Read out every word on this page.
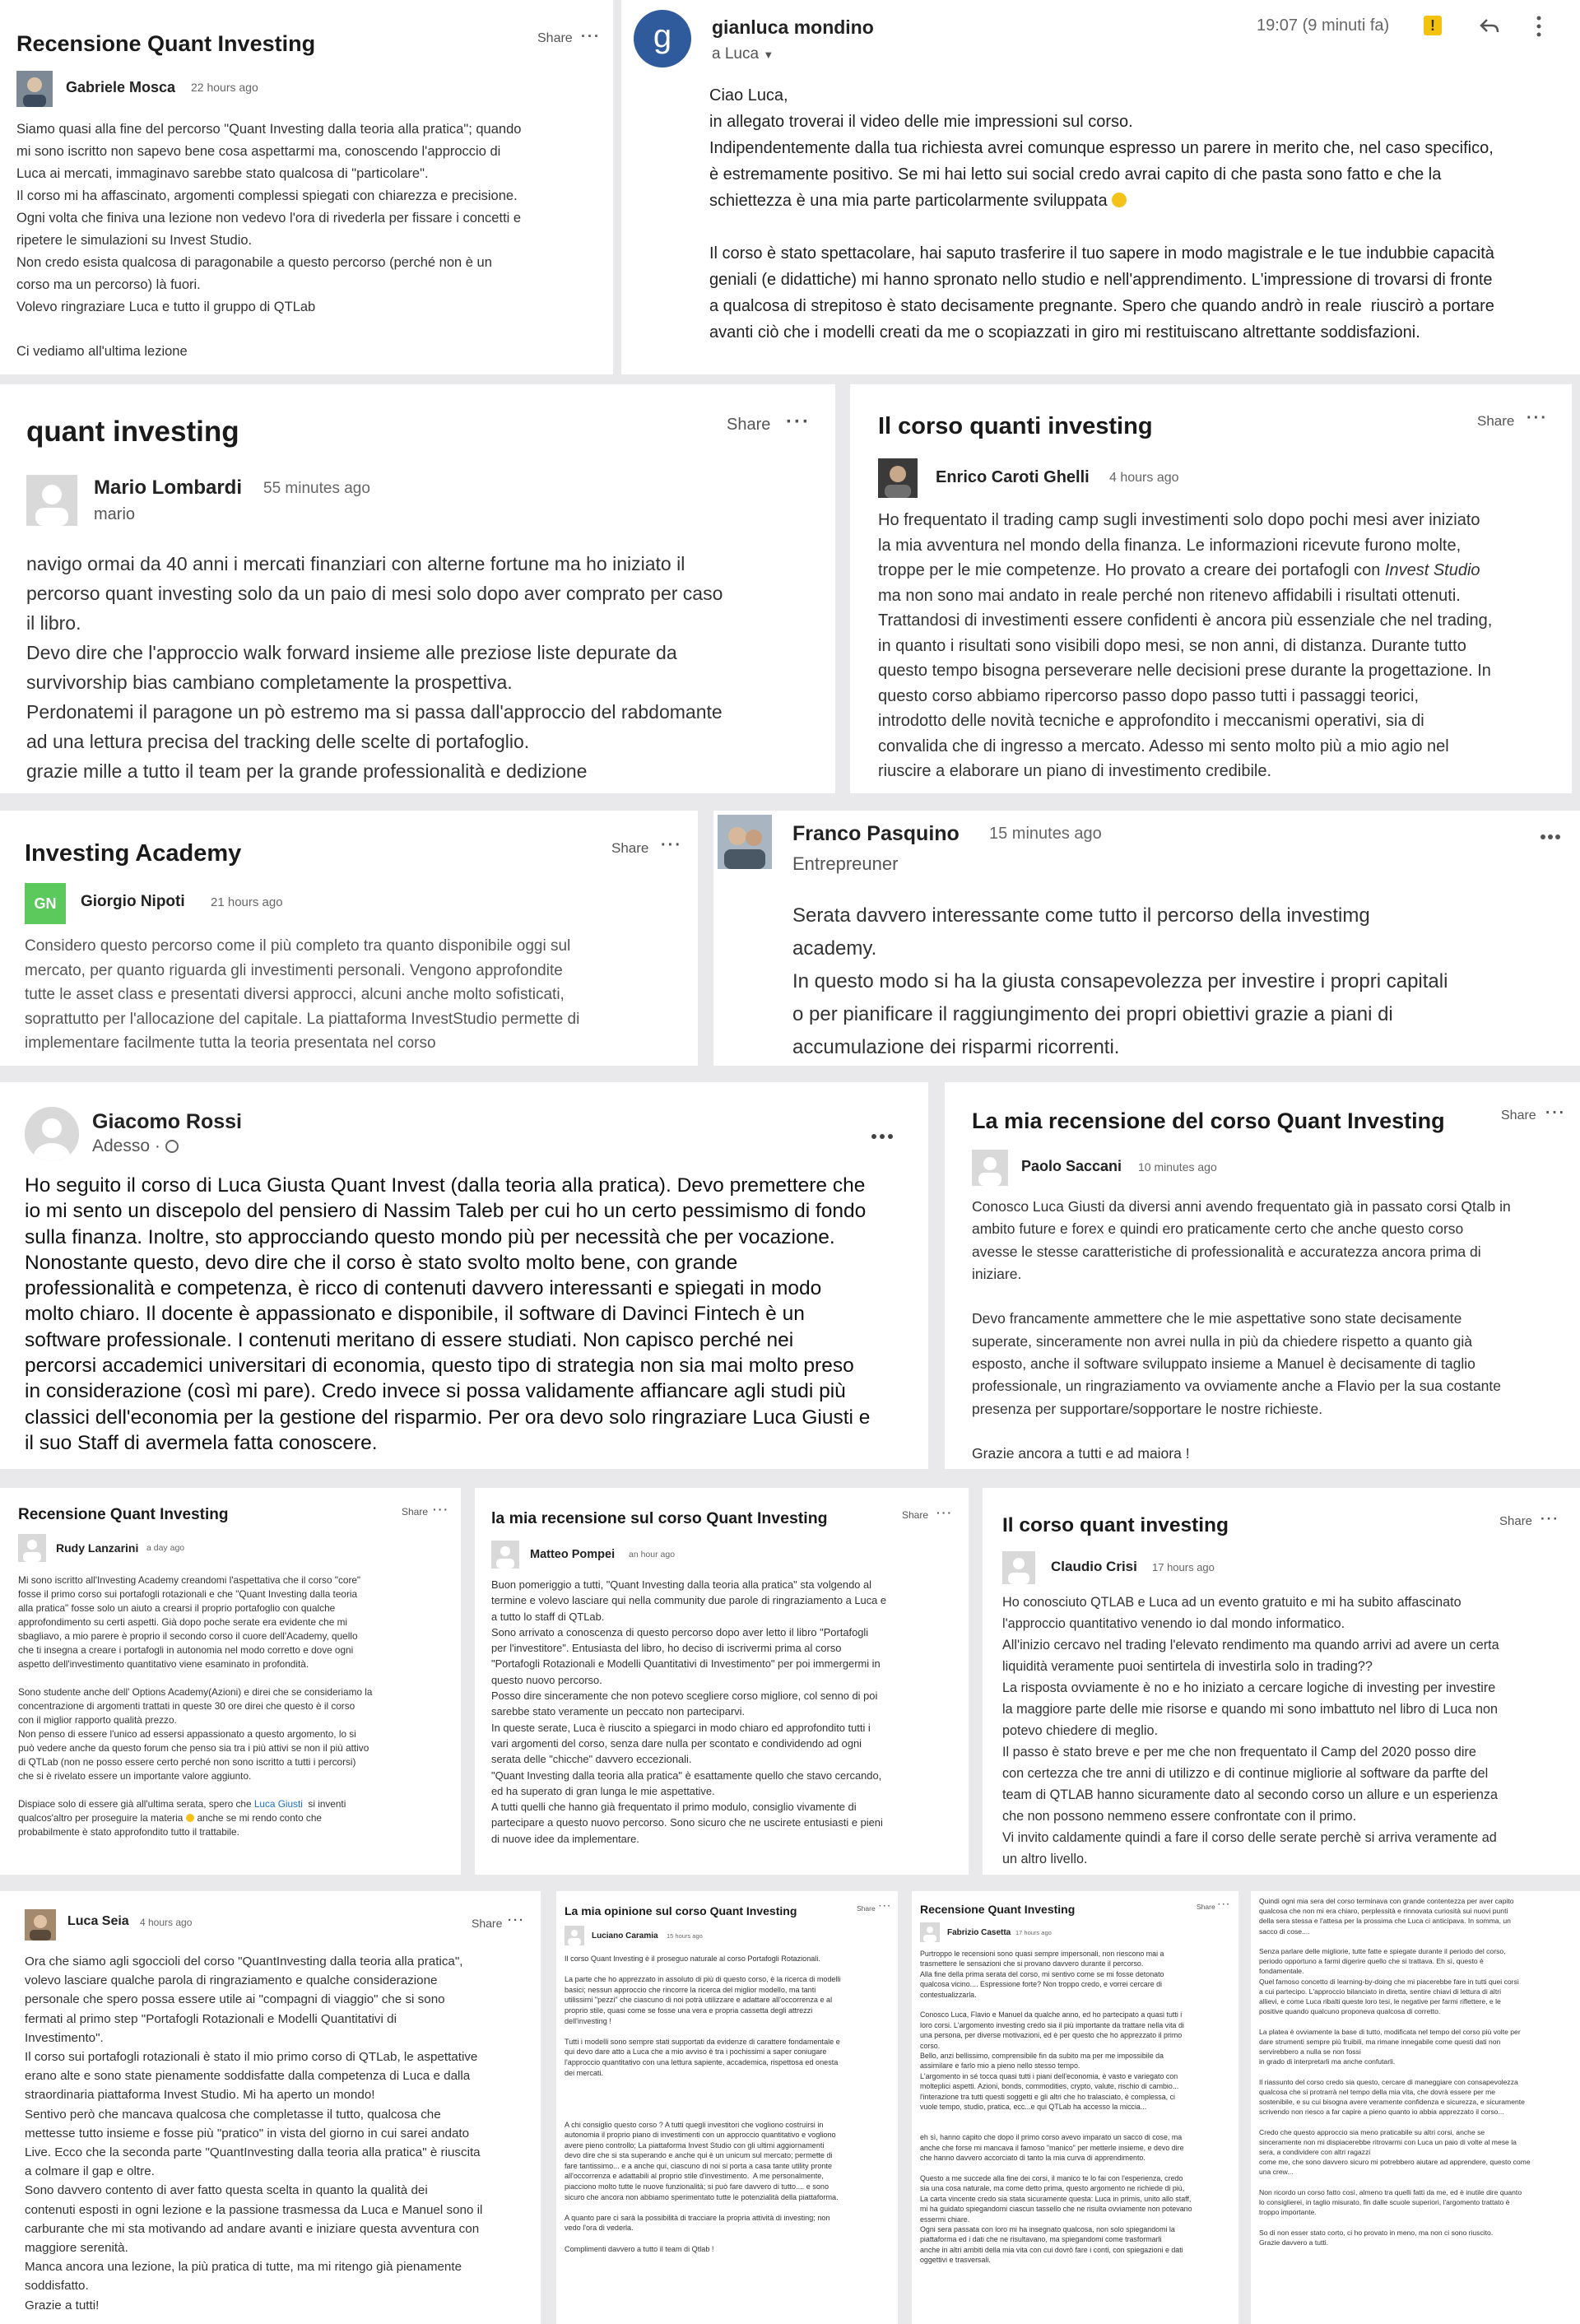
Recensione Quant Investing	Share ···
Gabriele Mosca 22 hours ago
Siamo quasi alla fine del percorso "Quant Investing dalla teoria alla pratica"; quando
mi sono iscritto non sapevo bene cosa aspettarmi ma, conoscendo l'approccio di
Luca ai mercati, immaginavo sarebbe stato qualcosa di "particolare".
Il corso mi ha affascinato, argomenti complessi spiegati con chiarezza e precisione.
Ogni volta che finiva una lezione non vedevo l'ora di rivederla per fissare i concetti e
ripetere le simulazioni su Invest Studio.
Non credo esista qualcosa di paragonabile a questo percorso (perché non è un
corso ma un percorso) là fuori.
Volevo ringraziare Luca e tutto il gruppo di QTLab

Ci vediamo all'ultima lezione
g	gianluca mondino
a Luca ▼
19:07 (9 minuti fa)	!
Ciao Luca,
in allegato troverai il video delle mie impressioni sul corso.
Indipendentemente dalla tua richiesta avrei comunque espresso un parere in merito che, nel caso specifico,
è estremamente positivo. Se mi hai letto sui social credo avrai capito di che pasta sono fatto e che la
schiettezza è una mia parte particolarmente sviluppata

Il corso è stato spettacolare, hai saputo trasferire il tuo sapere in modo magistrale e le tue indubbie capacità
geniali (e didattiche) mi hanno spronato nello studio e nell'apprendimento. L'impressione di trovarsi di fronte
a qualcosa di strepitoso è stato decisamente pregnante. Spero che quando andrò in reale  riuscirò a portare
avanti ciò che i modelli creati da me o scopiazzati in giro mi restituiscano altrettante soddisfazioni.
quant investing	Share ···
Mario Lombardi 55 minutes ago
mario
navigo ormai da 40 anni i mercati finanziari con alterne fortune ma ho iniziato il
percorso quant investing solo da un paio di mesi solo dopo aver comprato per caso
il libro.
Devo dire che l'approccio walk forward insieme alle preziose liste depurate da
survivorship bias cambiano completamente la prospettiva.
Perdonatemi il paragone un pò estremo ma si passa dall'approccio del rabdomante
ad una lettura precisa del tracking delle scelte di portafoglio.
grazie mille a tutto il team per la grande professionalità e dedizione
Il corso quanti investing	Share ···
Enrico Caroti Ghelli 4 hours ago
Ho frequentato il trading camp sugli investimenti solo dopo pochi mesi aver iniziato
la mia avventura nel mondo della finanza. Le informazioni ricevute furono molte,
troppe per le mie competenze. Ho provato a creare dei portafogli con Invest Studio
ma non sono mai andato in reale perché non ritenevo affidabili i risultati ottenuti.
Trattandosi di investimenti essere confidenti è ancora più essenziale che nel trading,
in quanto i risultati sono visibili dopo mesi, se non anni, di distanza. Durante tutto
questo tempo bisogna perseverare nelle decisioni prese durante la progettazione. In
questo corso abbiamo ripercorso passo dopo passo tutti i passaggi teorici,
introdotto delle novità tecniche e approfondito i meccanismi operativi, sia di
convalida che di ingresso a mercato. Adesso mi sento molto più a mio agio nel
riuscire a elaborare un piano di investimento credibile.
Investing Academy	Share ···
GN	Giorgio Nipoti 21 hours ago
Considero questo percorso come il più completo tra quanto disponibile oggi sul
mercato, per quanto riguarda gli investimenti personali. Vengono approfondite
tutte le asset class e presentati diversi approcci, alcuni anche molto sofisticati,
soprattutto per l'allocazione del capitale. La piattaforma InvestStudio permette di
implementare facilmente tutta la teoria presentata nel corso
Franco Pasquino 15 minutes ago
Entrepreuner
Serata davvero interessante come tutto il percorso della investimg
academy.
In questo modo si ha la giusta consapevolezza per investire i propri capitali
o per pianificare il raggiungimento dei propri obiettivi grazie a piani di
accumulazione dei risparmi ricorrenti.
Giacomo Rossi
Adesso ·
Ho seguito il corso di Luca Giusta Quant Invest (dalla teoria alla pratica). Devo premettere che
io mi sento un discepolo del pensiero di Nassim Taleb per cui ho un certo pessimismo di fondo
sulla finanza. Inoltre, sto approcciando questo mondo più per necessità che per vocazione.
Nonostante questo, devo dire che il corso è stato svolto molto bene, con grande
professionalità e competenza, è ricco di contenuti davvero interessanti e spiegati in modo
molto chiaro. Il docente è appassionato e disponibile, il software di Davinci Fintech è un
software professionale. I contenuti meritano di essere studiati. Non capisco perché nei
percorsi accademici universitari di economia, questo tipo di strategia non sia mai molto preso
in considerazione (così mi pare). Credo invece si possa validamente affiancare agli studi più
classici dell'economia per la gestione del risparmio. Per ora devo solo ringraziare Luca Giusti e
il suo Staff di avermela fatta conoscere.
La mia recensione del corso Quant Investing	Share ···
Paolo Saccani 10 minutes ago
Conosco Luca Giusti da diversi anni avendo frequentato già in passato corsi Qtalb in
ambito future e forex e quindi ero praticamente certo che anche questo corso
avesse le stesse caratteristiche di professionalità e accuratezza ancora prima di
iniziare.

Devo francamente ammettere che le mie aspettative sono state decisamente
superate, sinceramente non avrei nulla in più da chiedere rispetto a quanto già
esposto, anche il software sviluppato insieme a Manuel è decisamente di taglio
professionale, un ringraziamento va ovviamente anche a Flavio per la sua costante
presenza per supportare/sopportare le nostre richieste.

Grazie ancora a tutti e ad maiora !
Recensione Quant Investing	Share ···
Rudy Lanzarini a day ago
Mi sono iscritto all'Investing Academy creandomi l'aspettativa che il corso "core"
fosse il primo corso sui portafogli rotazionali e che "Quant Investing dalla teoria
alla pratica" fosse solo un aiuto a crearsi il proprio portafoglio con qualche
approfondimento su certi aspetti. Già dopo poche serate era evidente che mi
sbagliavo, a mio parere è proprio il secondo corso il cuore dell'Academy, quello
che ti insegna a creare i portafogli in autonomia nel modo corretto e dove ogni
aspetto dell'investimento quantitativo viene esaminato in profondità.

Sono studente anche dell' Options Academy(Azioni) e direi che se consideriamo la
concentrazione di argomenti trattati in queste 30 ore direi che questo è il corso
con il miglior rapporto qualità prezzo.
Non penso di essere l'unico ad essersi appassionato a questo argomento, lo si
può vedere anche da questo forum che penso sia tra i più attivi se non il più attivo
di QTLab (non ne posso essere certo perché non sono iscritto a tutti i percorsi)
che si è rivelato essere un importante valore aggiunto.

Dispiace solo di essere già all'ultima serata, spero che Luca Giusti  si inventi
qualcos'altro per proseguire la materia  anche se mi rendo conto che
probabilmente è stato approfondito tutto il trattabile.
la mia recensione sul corso Quant Investing	Share ···
Matteo Pompei an hour ago
Buon pomeriggio a tutti, "Quant Investing dalla teoria alla pratica" sta volgendo al
termine e volevo lasciare qui nella community due parole di ringraziamento a Luca e
a tutto lo staff di QTLab.
Sono arrivato a conoscenza di questo percorso dopo aver letto il libro "Portafogli
per l'investitore". Entusiasta del libro, ho deciso di iscrivermi prima al corso
"Portafogli Rotazionali e Modelli Quantitativi di Investimento" per poi immergermi in
questo nuovo percorso.
Posso dire sinceramente che non potevo scegliere corso migliore, col senno di poi
sarebbe stato veramente un peccato non parteciparvi.
In queste serate, Luca è riuscito a spiegarci in modo chiaro ed approfondito tutti i
vari argomenti del corso, senza dare nulla per scontato e condividendo ad ogni
serata delle "chicche" davvero eccezionali.
"Quant Investing dalla teoria alla pratica" è esattamente quello che stavo cercando,
ed ha superato di gran lunga le mie aspettative.
A tutti quelli che hanno già frequentato il primo modulo, consiglio vivamente di
partecipare a questo nuovo percorso. Sono sicuro che ne uscirete entusiasti e pieni
di nuove idee da implementare.
Il corso quant investing	Share ···
Claudio Crisi 17 hours ago
Ho conosciuto QTLAB e Luca ad un evento gratuito e mi ha subito affascinato
l'approccio quantitativo venendo io dal mondo informatico.
All'inizio cercavo nel trading l'elevato rendimento ma quando arrivi ad avere un certa
liquidità veramente puoi sentirtela di investirla solo in trading??
La risposta ovviamente è no e ho iniziato a cercare logiche di investing per investire
la maggiore parte delle mie risorse e quando mi sono imbattuto nel libro di Luca non
potevo chiedere di meglio.
Il passo è stato breve e per me che non frequentato il Camp del 2020 posso dire
con certezza che tre anni di utilizzo e di continue migliorie al software da parfte del
team di QTLAB hanno sicuramente dato al secondo corso un allure e un esperienza
che non possono nemmeno essere confrontate con il primo.
Vi invito caldamente quindi a fare il corso delle serate perchè si arriva veramente ad
un altro livello.
Luca Seia 4 hours ago	Share ···
Ora che siamo agli sgoccioli del corso "QuantInvesting dalla teoria alla pratica",
volevo lasciare qualche parola di ringraziamento e qualche considerazione
personale che spero possa essere utile ai "compagni di viaggio" che si sono
fermati al primo step "Portafogli Rotazionali e Modelli Quantitativi di
Investimento".
Il corso sui portafogli rotazionali è stato il mio primo corso di QTLab, le aspettative
erano alte e sono state pienamente soddisfatte dalla competenza di Luca e dalla
straordinaria piattaforma Invest Studio. Mi ha aperto un mondo!
Sentivo però che mancava qualcosa che completasse il tutto, qualcosa che
mettesse tutto insieme e fosse più "pratico" in vista del giorno in cui sarei andato
Live. Ecco che la seconda parte "QuantInvesting dalla teoria alla pratica" è riuscita
a colmare il gap e oltre.
Sono davvero contento di aver fatto questa scelta in quanto la qualità dei
contenuti esposti in ogni lezione e la passione trasmessa da Luca e Manuel sono il
carburante che mi sta motivando ad andare avanti e iniziare questa avventura con
maggiore serenità.
Manca ancora una lezione, la più pratica di tutte, ma mi ritengo già pienamente
soddisfatto.
Grazie a tutti!
La mia opinione sul corso Quant Investing	Share ···
Luciano Caramia 15 hours ago
Il corso Quant Investing è il proseguo naturale al corso Portafogli Rotazionali.

La parte che ho apprezzato in assoluto di più di questo corso, è la ricerca di modelli
basici; nessun approccio che rincorre la ricerca del miglior modello, ma tanti
utilissimi "pezzi" che ciascuno di noi potrà utilizzare e adattare all'occorrenza e al
proprio stile, quasi come se fosse una vera e propria cassetta degli attrezzi
dell'investing !

Tutti i modelli sono sempre stati supportati da evidenze di carattere fondamentale e
qui devo dare atto a Luca che a mio avviso è tra i pochissimi a saper coniugare
l'approccio quantitativo con una lettura sapiente, accademica, rispettosa ed onesta
dei mercati.

A chi consiglio questo corso ? A tutti quegli investitori che vogliono costruirsi in
autonomia il proprio piano di investimenti con un approccio quantitativo e vogliono
avere pieno controllo; La piattaforma Invest Studio con gli ultimi aggiornamenti
devo dire che si sta superando e anche qui è un unicum sul mercato; permette di
fare tantissimo... e a anche qui, ciascuno di noi si porta a casa tante utility pronte
all'occorrenza e adattabili al proprio stile d'investimento.  A me personalmente,
piacciono molto tutte le nuove funzionalità; si può fare davvero di tutto.... e sono
sicuro che ancora non abbiamo sperimentato tutte le potenzialità della piattaforma.

A quanto pare ci sarà la possibilità di tracciare la propria attività di investing; non
vedo l'ora di vederla.

Complimenti davvero a tutto il team di Qtlab !
Recensione Quant Investing	Share ···
Fabrizio Casetta 17 hours ago
Purtroppo le recensioni sono quasi sempre impersonali, non riescono mai a
trasmettere le sensazioni che si provano davvero durante il percorso.
Alla fine della prima serata del corso, mi sentivo come se mi fosse detonato
qualcosa vicino.... Espressione forte? Non troppo credo, e vorrei cercare di
contestualizzarla.

Conosco Luca, Flavio e Manuel da qualche anno, ed ho partecipato a quasi tutti i
loro corsi. L'argomento investing credo sia il più importante da trattare nella vita di
una persona, per diverse motivazioni, ed è per questo che ho apprezzato il primo
corso.
Bello, anzi bellissimo, comprensibile fin da subito ma per me impossibile da
assimilare e farlo mio a pieno nello stesso tempo.
L'argomento in sé tocca quasi tutti i piani dell'economia, è vasto e variegato con
molteplici aspetti. Azioni, bonds, commodities, crypto, valute, rischio di cambio...
l'interazione tra tutti questi soggetti e gli altri che ho tralasciato, è complessa, ci
vuole tempo, studio, pratica, ecc...e qui QTLab ha accesso la miccia...

eh sì, hanno capito che dopo il primo corso avevo imparato un sacco di cose, ma
anche che forse mi mancava il famoso "manico" per metterle insieme, e devo dire
che hanno davvero accorciato di tanto la mia curva di apprendimento.

Questo a me succede alla fine dei corsi, il manico te lo fai con l'esperienza, credo
sia una cosa naturale, ma come detto prima, questo argomento ne richiede di più,
La carta vincente credo sia stata sicuramente questa: Luca in primis, unito allo staff,
mi ha guidato spiegandomi ciascun tassello che ne risulta ovviamente non potevano
essermi chiare.
Ogni sera passata con loro mi ha insegnato qualcosa, non solo spiegandomi la
piattaforma ed i dati che ne risultavano, ma spiegandomi come trasformarli
anche in altri ambiti della mia vita con cui dovrò fare i conti, con spiegazioni e dati
oggettivi e trasversali.
Quindi ogni mia sera del corso terminava con grande contentezza per aver capito
qualcosa che non mi era chiaro, perplessità e rinnovata curiosità sui nuovi punti
della sera stessa e l'attesa per la prossima che Luca ci anticipava. In somma, un
sacco di cose....

Senza parlare delle migliorie, tutte fatte e spiegate durante il periodo del corso,
periodo opportuno a farmi digerire quello che si trattava. Eh sì, questo è
fondamentale.
Quel famoso concetto di learning-by-doing che mi piacerebbe fare in tutti quei corsi
a cui partecipo. L'approccio bilanciato in diretta, sentire chiavi di lettura di altri
allievi, e come Luca ribalti queste loro tesi, le negative per farmi riflettere, e le
positive quando qualcuno proponeva qualcosa di corretto.

La platea è ovviamente la base di tutto, modificata nel tempo del corso più volte per
dare strumenti sempre più fruibili, ma rimane innegabile come questi dati non
servirebbero a nulla se non fossi
in grado di interpretarli ma anche confutarli.

Il riassunto del corso credo sia questo, cercare di maneggiare con consapevolezza
qualcosa che si protrarrà nel tempo della mia vita, che dovrà essere per me
sostenibile, e su cui bisogna avere veramente confidenza e sicurezza, e sicuramente
scrivendo non riesco a far capire a pieno quanto io abbia apprezzato il corso...

Credo che questo approccio sia meno praticabile su altri corsi, anche se
sinceramente non mi dispiacerebbe ritrovarmi con Luca un paio di volte al mese la
sera, a condividere con altri ragazzi
come me, che sono davvero sicuro mi potrebbero aiutare ad apprendere, questo come
una crew...

Non ricordo un corso fatto così, almeno tra quelli fatti da me, ed è inutile dire quanto
lo consiglierei, in taglio misurato, fin dalle scuole superiori, l'argomento trattato è
troppo importante.

So di non esser stato corto, ci ho provato in meno, ma non ci sono riuscito.
Grazie davvero a tutti.
